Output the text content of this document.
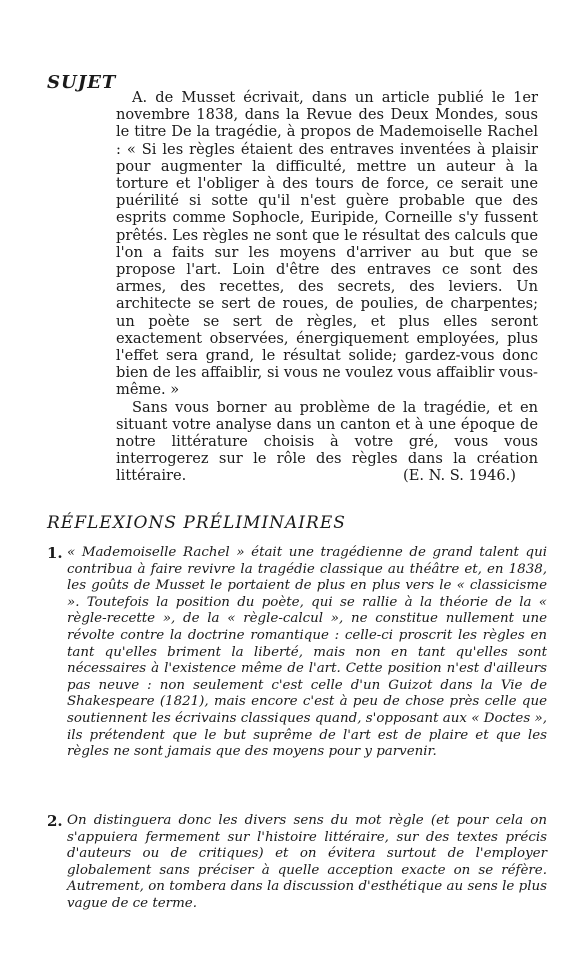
SUJET

A. de Musset écrivait, dans un article publié le 1er novembre 1838, dans la Revue des Deux Mondes, sous le titre De la tragédie, à propos de Mademoiselle Rachel : « Si les règles étaient des entraves inventées à plaisir pour augmenter la difficulté, mettre un auteur à la torture et l'obliger à des tours de force, ce serait une puérilité si sotte qu'il n'est guère probable que des esprits comme Sophocle, Euripide, Corneille s'y fussent prêtés. Les règles ne sont que le résultat des calculs que l'on a faits sur les moyens d'arriver au but que se propose l'art. Loin d'être des entraves ce sont des armes, des recettes, des secrets, des leviers. Un architecte se sert de roues, de poulies, de charpentes; un poète se sert de règles, et plus elles seront exactement observées, énergiquement employées, plus l'effet sera grand, le résultat solide; gardez-vous donc bien de les affaiblir, si vous ne voulez vous affaiblir vous-même. »

Sans vous borner au problème de la tragédie, et en situant votre analyse dans un canton et à une époque de notre littérature choisis à votre gré, vous vous interrogerez sur le rôle des règles dans la création littéraire.	(E. N. S. 1946.)
RÉFLEXIONS PRÉLIMINAIRES
1. « Mademoiselle Rachel » était une tragédienne de grand talent qui contribua à faire revivre la tragédie classique au théâtre et, en 1838, les goûts de Musset le portaient de plus en plus vers le « classicisme ». Toutefois la position du poète, qui se rallie à la théorie de la « règle-recette », de la « règle-calcul », ne constitue nullement une révolte contre la doctrine romantique : celle-ci proscrit les règles en tant qu'elles briment la liberté, mais non en tant qu'elles sont nécessaires à l'existence même de l'art. Cette position n'est d'ailleurs pas neuve : non seulement c'est celle d'un Guizot dans la Vie de Shakespeare (1821), mais encore c'est à peu de chose près celle que soutiennent les écrivains classiques quand, s'opposant aux « Doctes », ils prétendent que le but suprême de l'art est de plaire et que les règles ne sont jamais que des moyens pour y parvenir.
2. On distinguera donc les divers sens du mot règle (et pour cela on s'appuiera fermement sur l'histoire littéraire, sur des textes précis d'auteurs ou de critiques) et on évitera surtout de l'employer globalement sans préciser à quelle acception exacte on se réfère. Autrement, on tombera dans la discussion d'esthétique au sens le plus vague de ce terme.
